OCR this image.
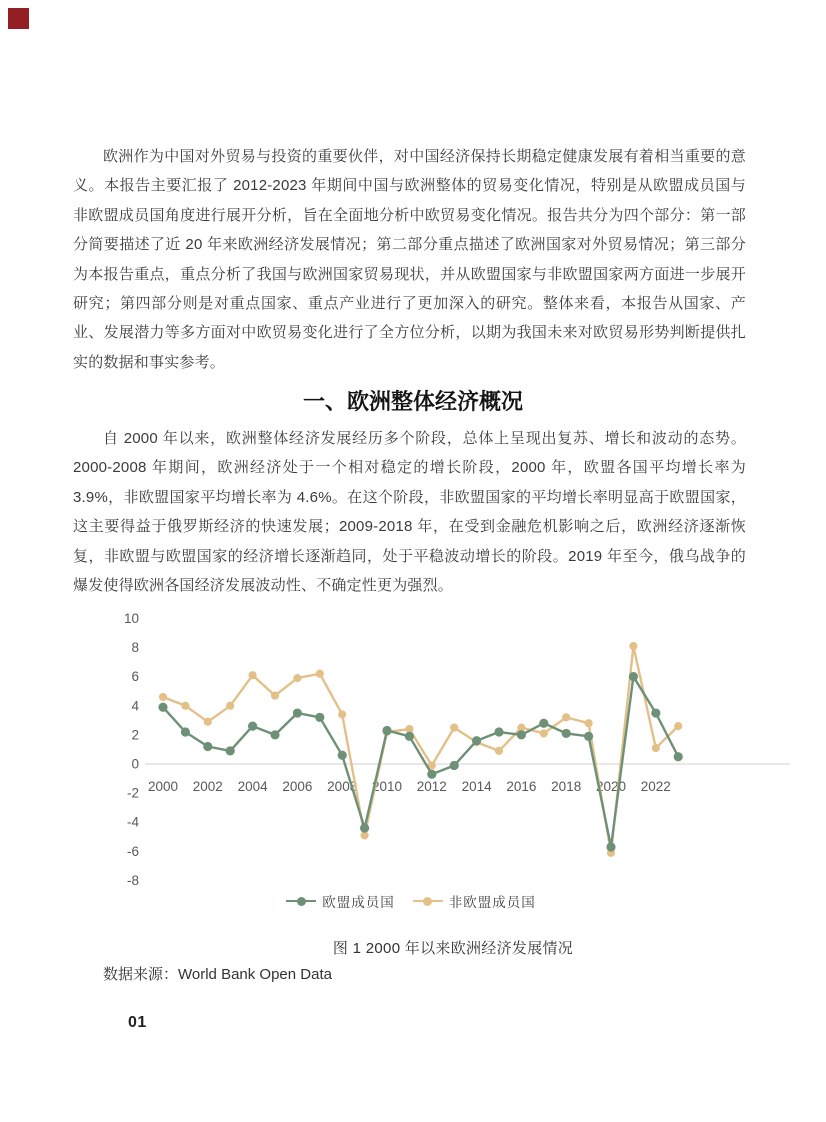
欧洲作为中国对外贸易与投资的重要伙伴，对中国经济保持长期稳定健康发展有着相当重要的意义。本报告主要汇报了 2012-2023 年期间中国与欧洲整体的贸易变化情况，特别是从欧盟成员国与非欧盟成员国角度进行展开分析，旨在全面地分析中欧贸易变化情况。报告共分为四个部分：第一部分简要描述了近 20 年来欧洲经济发展情况；第二部分重点描述了欧洲国家对外贸易情况；第三部分为本报告重点，重点分析了我国与欧洲国家贸易现状，并从欧盟国家与非欧盟国家两方面进一步展开研究；第四部分则是对重点国家、重点产业进行了更加深入的研究。整体来看，本报告从国家、产业、发展潜力等多方面对中欧贸易变化进行了全方位分析，以期为我国未来对欧贸易形势判断提供扎实的数据和事实参考。

一、欧洲整体经济概况

自 2000 年以来，欧洲整体经济发展经历多个阶段，总体上呈现出复苏、增长和波动的态势。2000-2008 年期间，欧洲经济处于一个相对稳定的增长阶段，2000 年，欧盟各国平均增长率为 3.9%，非欧盟国家平均增长率为 4.6%。在这个阶段，非欧盟国家的平均增长率明显高于欧盟国家，这主要得益于俄罗斯经济的快速发展；2009-2018 年，在受到金融危机影响之后，欧洲经济逐渐恢复，非欧盟与欧盟国家的经济增长逐渐趋同，处于平稳波动增长的阶段。2019 年至今，俄乌战争的爆发使得欧洲各国经济发展波动性、不确定性更为强烈。

10
8
6
4
2
0
-2
-4
-6
-8
2000 2002 2004 2006 2008 2010 2012 2014 2016 2018 2020 2022
欧盟成员国	非欧盟成员国
图 1 2000 年以来欧洲经济发展情况
数据来源：World Bank Open Data
01
